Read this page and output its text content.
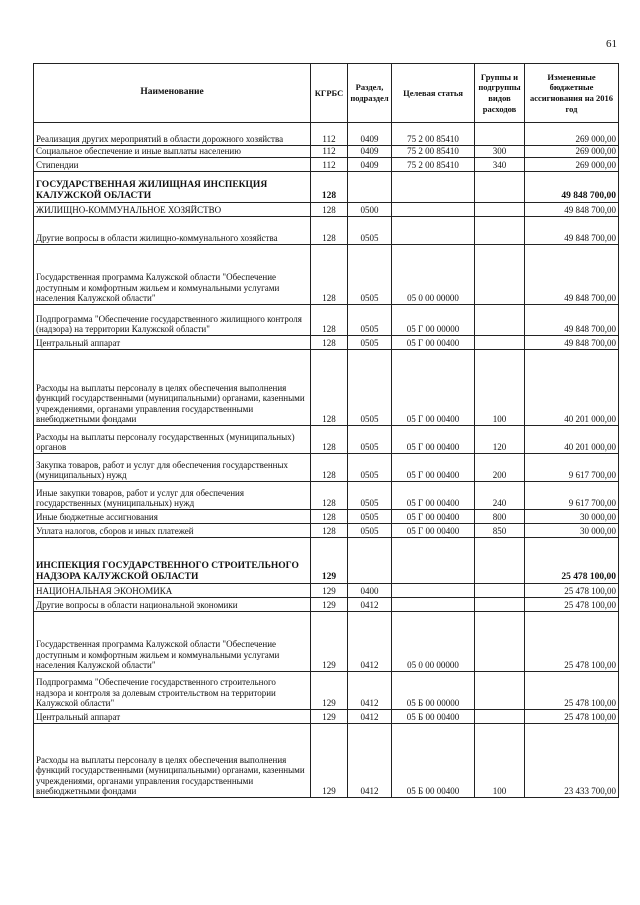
61
Наименование	КГРБС	Раздел, подраздел	Целевая статья	Группы и подгруппы видов расходов	Измененные бюджетные ассигнования на 2016 год
Реализация других мероприятий в области дорожного хозяйства	112	0409	75 2 00 85410		269 000,00
Социальное обеспечение и иные выплаты населению	112	0409	75 2 00 85410	300	269 000,00
Стипендии	112	0409	75 2 00 85410	340	269 000,00
ГОСУДАРСТВЕННАЯ ЖИЛИЩНАЯ ИНСПЕКЦИЯ КАЛУЖСКОЙ ОБЛАСТИ	128				49 848 700,00
ЖИЛИЩНО-КОММУНАЛЬНОЕ ХОЗЯЙСТВО	128	0500			49 848 700,00
Другие вопросы в области жилищно-коммунального хозяйства	128	0505			49 848 700,00
Государственная программа Калужской области "Обеспечение доступным и комфортным жильем и коммунальными услугами населения Калужской области"	128	0505	05 0 00 00000		49 848 700,00
Подпрограмма "Обеспечение государственного жилищного контроля (надзора) на территории Калужской области"	128	0505	05 Г 00 00000		49 848 700,00
Центральный аппарат	128	0505	05 Г 00 00400		49 848 700,00
Расходы на выплаты персоналу в целях обеспечения выполнения функций государственными (муниципальными) органами, казенными учреждениями, органами управления государственными внебюджетными фондами	128	0505	05 Г 00 00400	100	40 201 000,00
Расходы на выплаты персоналу государственных (муниципальных) органов	128	0505	05 Г 00 00400	120	40 201 000,00
Закупка товаров, работ и услуг для обеспечения государственных (муниципальных) нужд	128	0505	05 Г 00 00400	200	9 617 700,00
Иные закупки товаров, работ и услуг для обеспечения государственных (муниципальных) нужд	128	0505	05 Г 00 00400	240	9 617 700,00
Иные бюджетные ассигнования	128	0505	05 Г 00 00400	800	30 000,00
Уплата налогов, сборов и иных платежей	128	0505	05 Г 00 00400	850	30 000,00
ИНСПЕКЦИЯ ГОСУДАРСТВЕННОГО СТРОИТЕЛЬНОГО НАДЗОРА КАЛУЖСКОЙ ОБЛАСТИ	129				25 478 100,00
НАЦИОНАЛЬНАЯ ЭКОНОМИКА	129	0400			25 478 100,00
Другие вопросы в области национальной экономики	129	0412			25 478 100,00
Государственная программа Калужской области "Обеспечение доступным и комфортным жильем и коммунальными услугами населения Калужской области"	129	0412	05 0 00 00000		25 478 100,00
Подпрограмма "Обеспечение государственного строительного надзора и контроля за долевым строительством на территории Калужской области"	129	0412	05 Б 00 00000		25 478 100,00
Центральный аппарат	129	0412	05 Б 00 00400		25 478 100,00
Расходы на выплаты персоналу в целях обеспечения выполнения функций государственными (муниципальными) органами, казенными учреждениями, органами управления государственными внебюджетными фондами	129	0412	05 Б 00 00400	100	23 433 700,00
